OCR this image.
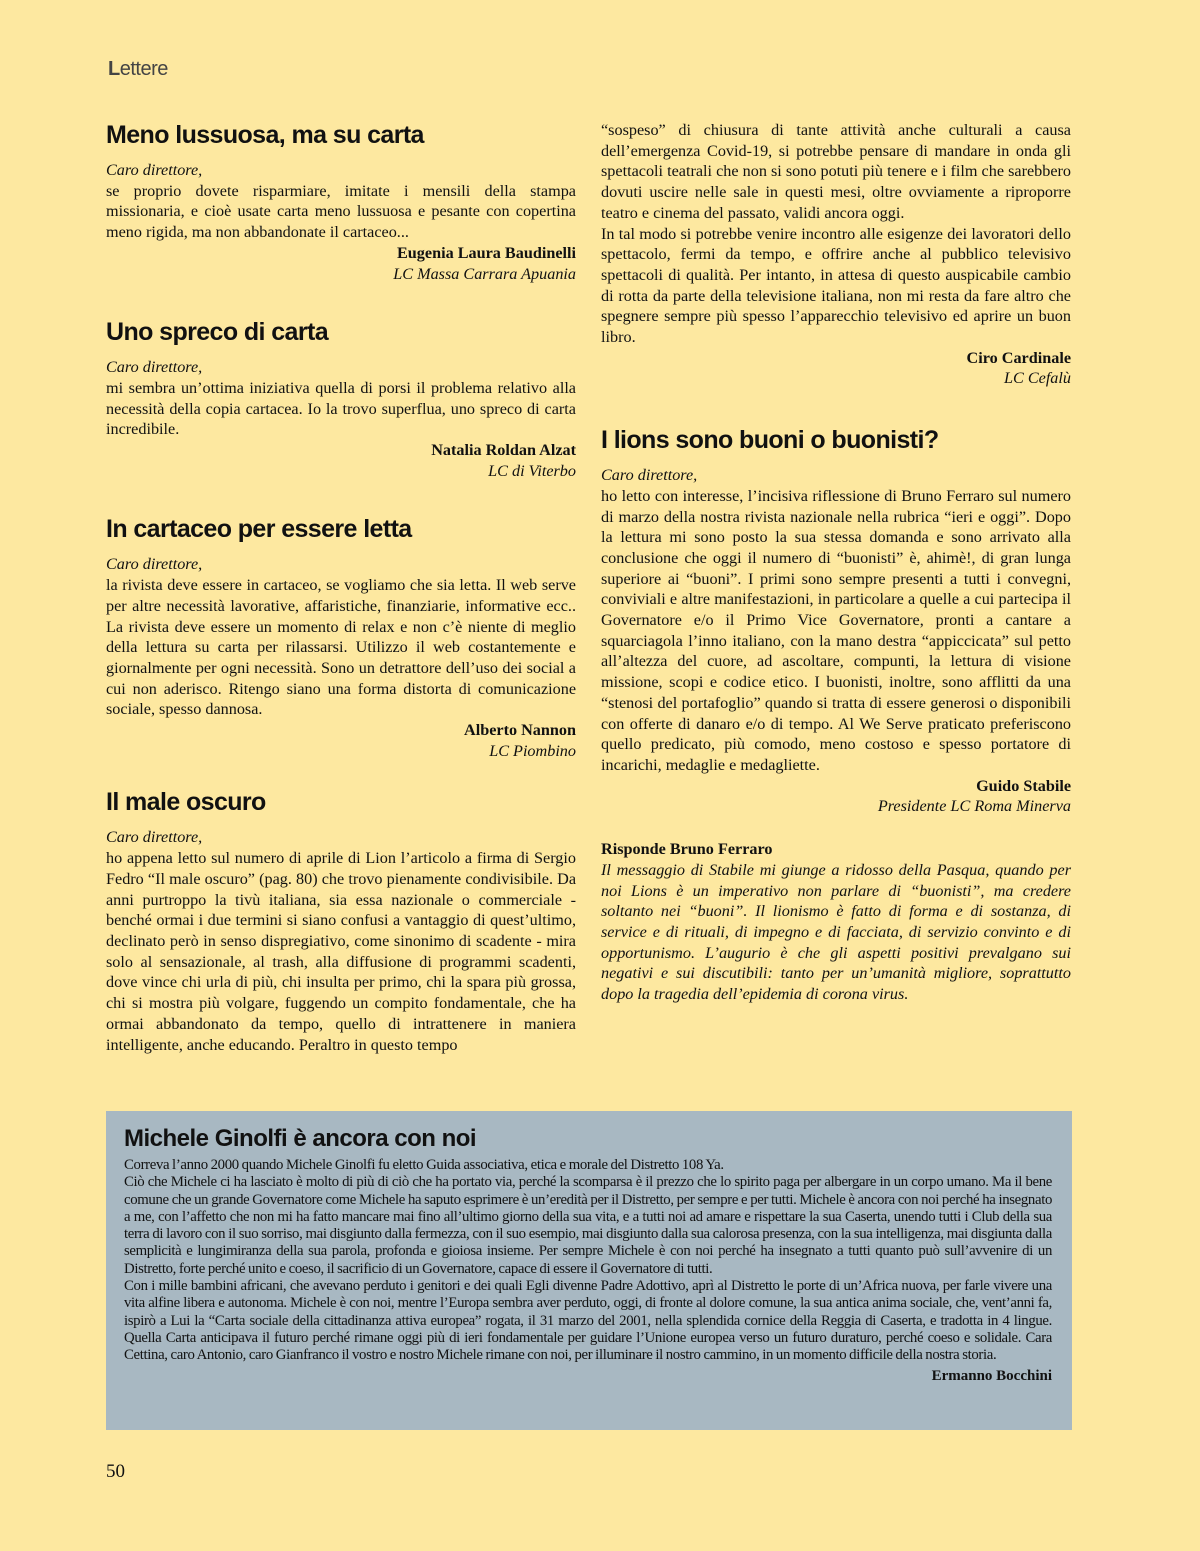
Lettere
Meno lussuosa, ma su carta
Caro direttore,
se proprio dovete risparmiare, imitate i mensili della stampa missionaria, e cioè usate carta meno lussuosa e pesante con copertina meno rigida, ma non abbandonate il cartaceo...
Eugenia Laura Baudinelli
LC Massa Carrara Apuania
Uno spreco di carta
Caro direttore,
mi sembra un’ottima iniziativa quella di porsi il problema relativo alla necessità della copia cartacea. Io la trovo superflua, uno spreco di carta incredibile.
Natalia Roldan Alzat
LC di Viterbo
In cartaceo per essere letta
Caro direttore,
la rivista deve essere in cartaceo, se vogliamo che sia letta. Il web serve per altre necessità lavorative, affaristiche, finanziarie, informative ecc.. La rivista deve essere un momento di relax e non c’è niente di meglio della lettura su carta per rilassarsi. Utilizzo il web costantemente e giornalmente per ogni necessità. Sono un detrattore dell’uso dei social a cui non aderisco. Ritengo siano una forma distorta di comunicazione sociale, spesso dannosa.
Alberto Nannon
LC Piombino
Il male oscuro
Caro direttore,
ho appena letto sul numero di aprile di Lion l’articolo a firma di Sergio Fedro “Il male oscuro” (pag. 80) che trovo pienamente condivisibile. Da anni purtroppo la tivù italiana, sia essa nazionale o commerciale - benché ormai i due termini si siano confusi a vantaggio di quest’ultimo, declinato però in senso dispregiativo, come sinonimo di scadente - mira solo al sensazionale, al trash, alla diffusione di programmi scadenti, dove vince chi urla di più, chi insulta per primo, chi la spara più grossa, chi si mostra più volgare, fuggendo un compito fondamentale, che ha ormai abbandonato da tempo, quello di intrattenere in maniera intelligente, anche educando. Peraltro in questo tempo

“sospeso” di chiusura di tante attività anche culturali a causa dell’emergenza Covid-19, si potrebbe pensare di mandare in onda gli spettacoli teatrali che non si sono potuti più tenere e i film che sarebbero dovuti uscire nelle sale in questi mesi, oltre ovviamente a riproporre teatro e cinema del passato, validi ancora oggi.

In tal modo si potrebbe venire incontro alle esigenze dei lavoratori dello spettacolo, fermi da tempo, e offrire anche al pubblico televisivo spettacoli di qualità. Per intanto, in attesa di questo auspicabile cambio di rotta da parte della televisione italiana, non mi resta da fare altro che spegnere sempre più spesso l’apparecchio televisivo ed aprire un buon libro.

Ciro Cardinale
LC Cefalù
I lions sono buoni o buonisti?
Caro direttore,
ho letto con interesse, l’incisiva riflessione di Bruno Ferraro sul numero di marzo della nostra rivista nazionale nella rubrica “ieri e oggi”. Dopo la lettura mi sono posto la sua stessa domanda e sono arrivato alla conclusione che oggi il numero di “buonisti” è, ahimè!, di gran lunga superiore ai “buoni”. I primi sono sempre presenti a tutti i convegni, conviviali e altre manifestazioni, in particolare a quelle a cui partecipa il Governatore e/o il Primo Vice Governatore, pronti a cantare a squarciagola l’inno italiano, con la mano destra “appiccicata” sul petto all’altezza del cuore, ad ascoltare, compunti, la lettura di visione missione, scopi e codice etico. I buonisti, inoltre, sono afflitti da una “stenosi del portafoglio” quando si tratta di essere generosi o disponibili con offerte di danaro e/o di tempo. Al We Serve praticato preferiscono quello predicato, più comodo, meno costoso e spesso portatore di incarichi, medaglie e medagliette.
Guido Stabile
Presidente LC Roma Minerva
Risponde Bruno Ferraro
Il messaggio di Stabile mi giunge a ridosso della Pasqua, quando per noi Lions è un imperativo non parlare di “buonisti”, ma credere soltanto nei “buoni”. Il lionismo è fatto di forma e di sostanza, di service e di rituali, di impegno e di facciata, di servizio convinto e di opportunismo. L’augurio è che gli aspetti positivi prevalgano sui negativi e sui discutibili: tanto per un’umanità migliore, soprattutto dopo la tragedia dell’epidemia di corona virus.
Michele Ginolfi è ancora con noi

Correva l’anno 2000 quando Michele Ginolfi fu eletto Guida associativa, etica e morale del Distretto 108 Ya.

Ciò che Michele ci ha lasciato è molto di più di ciò che ha portato via, perché la scomparsa è il prezzo che lo spirito paga per albergare in un corpo umano. Ma il bene comune che un grande Governatore come Michele ha saputo esprimere è un’eredità per il Distretto, per sempre e per tutti. Michele è ancora con noi perché ha insegnato a me, con l’affetto che non mi ha fatto mancare mai fino all’ultimo giorno della sua vita, e a tutti noi ad amare e rispettare la sua Caserta, unendo tutti i Club della sua terra di lavoro con il suo sorriso, mai disgiunto dalla fermezza, con il suo esempio, mai disgiunto dalla sua calorosa presenza, con la sua intelligenza, mai disgiunta dalla semplicità e lungimiranza della sua parola, profonda e gioiosa insieme. Per sempre Michele è con noi perché ha insegnato a tutti quanto può sull’avvenire di un Distretto, forte perché unito e coeso, il sacrificio di un Governatore, capace di essere il Governatore di tutti.

Con i mille bambini africani, che avevano perduto i genitori e dei quali Egli divenne Padre Adottivo, aprì al Distretto le porte di un’Africa nuova, per farle vivere una vita alfine libera e autonoma. Michele è con noi, mentre l’Europa sembra aver perduto, oggi, di fronte al dolore comune, la sua antica anima sociale, che, vent’anni fa, ispirò a Lui la “Carta sociale della cittadinanza attiva europea” rogata, il 31 marzo del 2001, nella splendida cornice della Reggia di Caserta, e tradotta in 4 lingue. Quella Carta anticipava il futuro perché rimane oggi più di ieri fondamentale per guidare l’Unione europea verso un futuro duraturo, perché coeso e solidale. Cara Cettina, caro Antonio, caro Gianfranco il vostro e nostro Michele rimane con noi, per illuminare il nostro cammino, in un momento difficile della nostra storia.

Ermanno Bocchini
50
